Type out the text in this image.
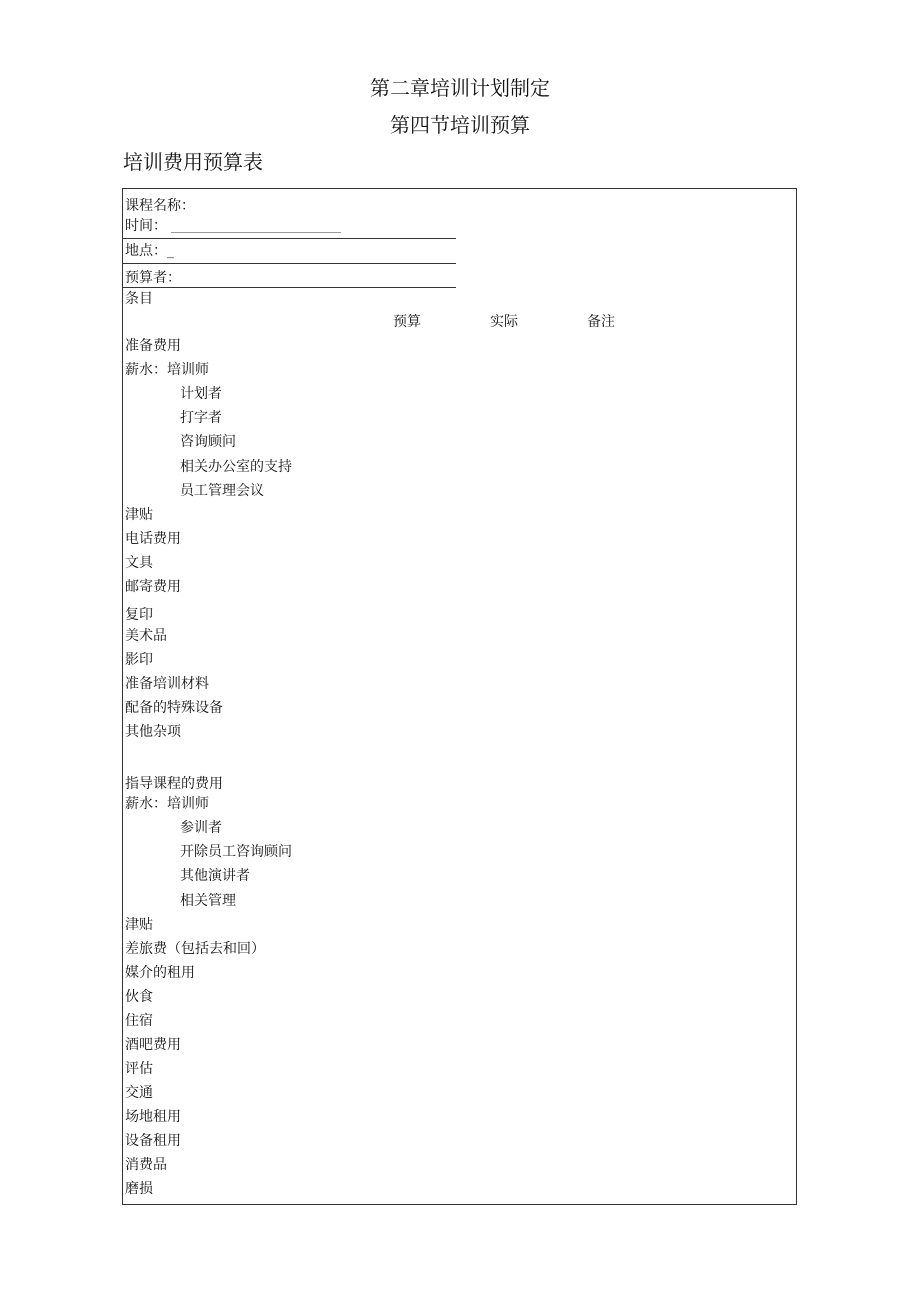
第二章培训计划制定
第四节培训预算
培训费用预算表
课程名称：
时间：
地点：_
预算者：
条目
预算	实际	备注
准备费用
薪水：培训师
计划者
打字者
咨询顾问
相关办公室的支持
员工管理会议
津贴
电话费用
文具
邮寄费用
复印
美术品
影印
准备培训材料
配备的特殊设备
其他杂项
指导课程的费用
薪水：培训师
参训者
开除员工咨询顾问
其他演讲者
相关管理
津贴
差旅费（包括去和回）
媒介的租用
伙食
住宿
酒吧费用
评估
交通
场地租用
设备租用
消费品
磨损
